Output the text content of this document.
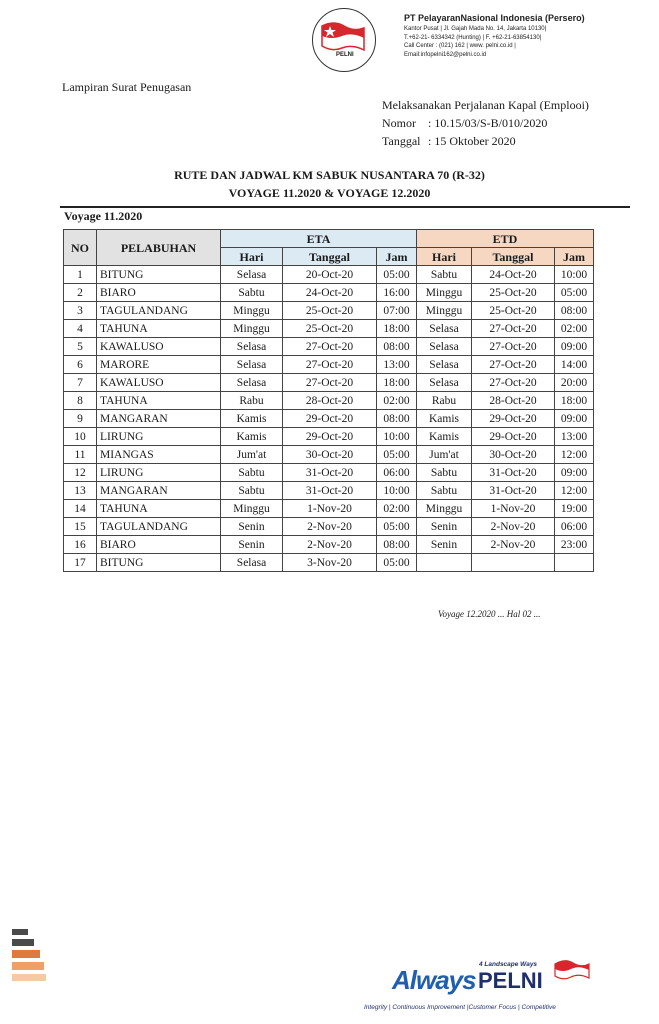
PELNI
PT PelayaranNasional Indonesia (Persero)
Kantor Pusat | Jl. Gajah Mada No. 14, Jakarta 10130|
T.+62-21- 6334342 (Hunting) | F. +62-21-63854130|
Call Center : (021) 162 | www. pelni.co.id |
Email:infopelni162@pelni.co.id
Lampiran Surat Penugasan
Melaksanakan Perjalanan Kapal (Emplooi)
Nomor : 10.15/03/S-B/010/2020
Tanggal : 15 Oktober 2020
RUTE DAN JADWAL KM SABUK NUSANTARA 70 (R-32)
VOYAGE 11.2020 & VOYAGE 12.2020
Voyage 11.2020
NO	PELABUHAN	ETA			ETD		
		Hari	Tanggal	Jam	Hari	Tanggal	Jam
1	BITUNG	Selasa	20-Oct-20	05:00	Sabtu	24-Oct-20	10:00
2	BIARO	Sabtu	24-Oct-20	16:00	Minggu	25-Oct-20	05:00
3	TAGULANDANG	Minggu	25-Oct-20	07:00	Minggu	25-Oct-20	08:00
4	TAHUNA	Minggu	25-Oct-20	18:00	Selasa	27-Oct-20	02:00
5	KAWALUSO	Selasa	27-Oct-20	08:00	Selasa	27-Oct-20	09:00
6	MARORE	Selasa	27-Oct-20	13:00	Selasa	27-Oct-20	14:00
7	KAWALUSO	Selasa	27-Oct-20	18:00	Selasa	27-Oct-20	20:00
8	TAHUNA	Rabu	28-Oct-20	02:00	Rabu	28-Oct-20	18:00
9	MANGARAN	Kamis	29-Oct-20	08:00	Kamis	29-Oct-20	09:00
10	LIRUNG	Kamis	29-Oct-20	10:00	Kamis	29-Oct-20	13:00
11	MIANGAS	Jum'at	30-Oct-20	05:00	Jum'at	30-Oct-20	12:00
12	LIRUNG	Sabtu	31-Oct-20	06:00	Sabtu	31-Oct-20	09:00
13	MANGARAN	Sabtu	31-Oct-20	10:00	Sabtu	31-Oct-20	12:00
14	TAHUNA	Minggu	1-Nov-20	02:00	Minggu	1-Nov-20	19:00
15	TAGULANDANG	Senin	2-Nov-20	05:00	Senin	2-Nov-20	06:00
16	BIARO	Senin	2-Nov-20	08:00	Senin	2-Nov-20	23:00
17	BITUNG	Selasa	3-Nov-20	05:00			
Voyage 12.2020 ... Hal 02 ...
4 Landscape Ways
Always PELNI
Integrity | Continuous Improvement |Customer Focus | Competitive
